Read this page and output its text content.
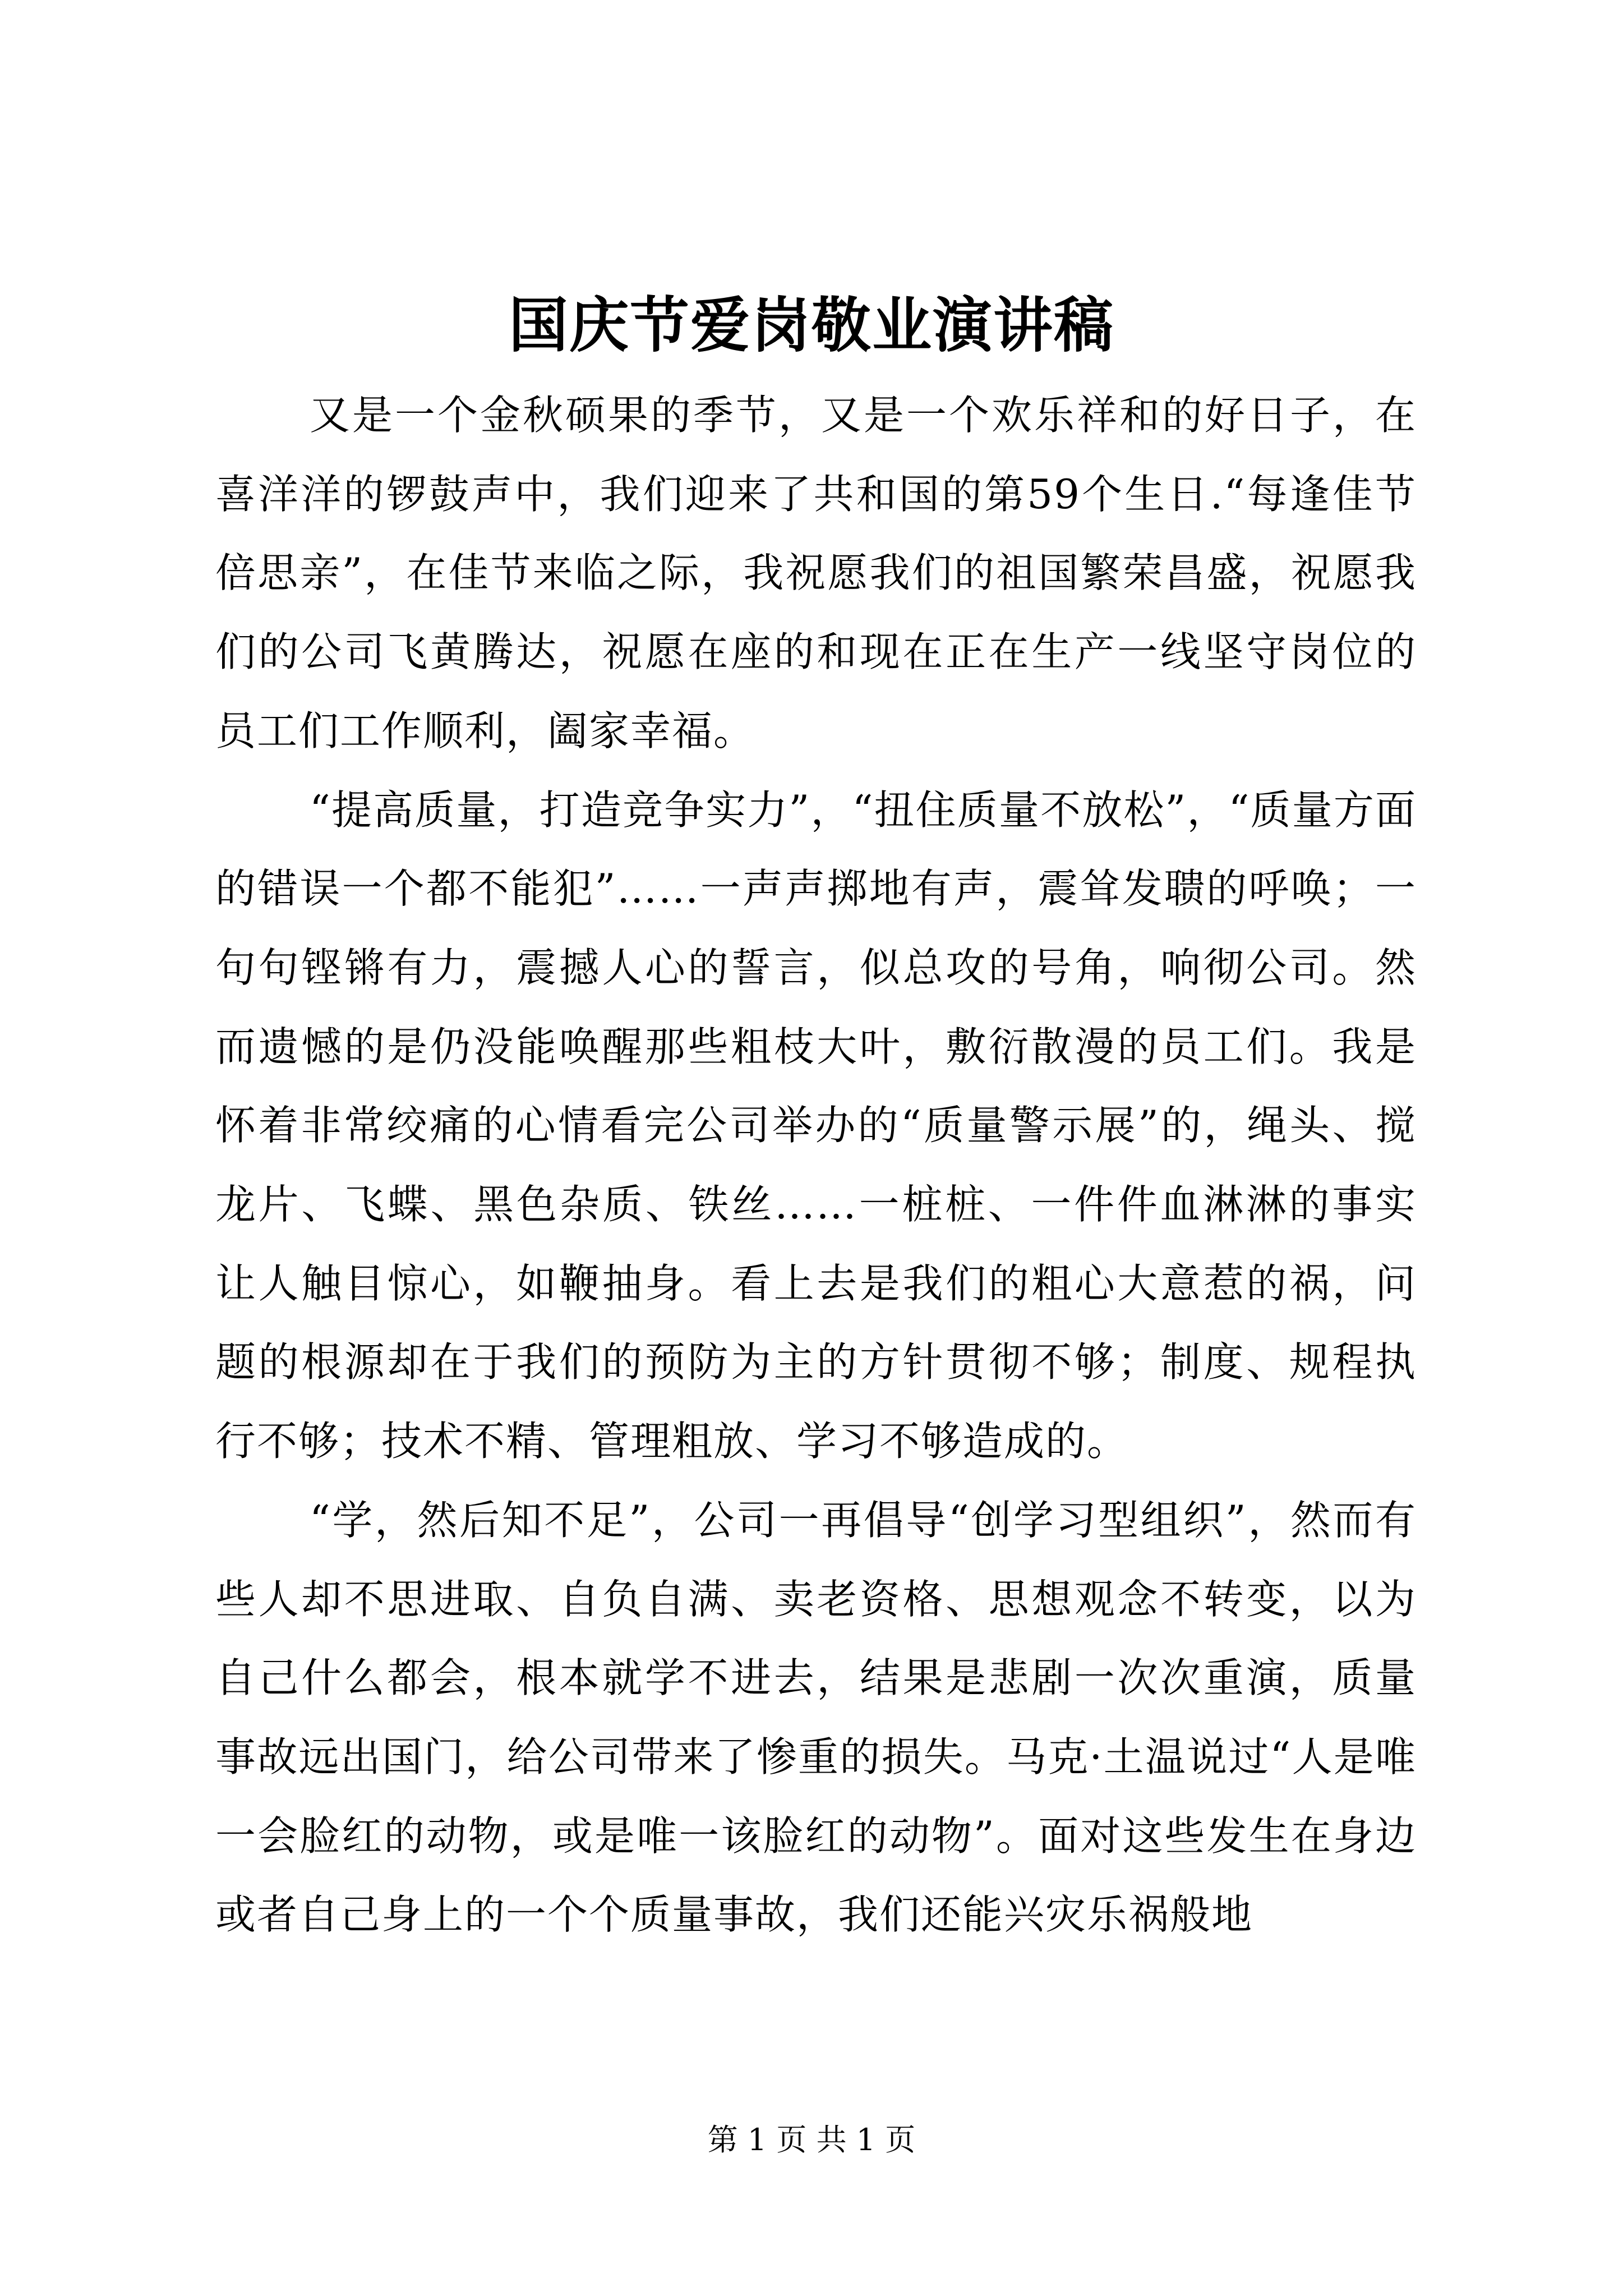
国庆节爱岗敬业演讲稿

又是一个金秋硕果的季节，又是一个欢乐祥和的好日子，在喜洋洋的锣鼓声中，我们迎来了共和国的第59个生日.“每逢佳节倍思亲”，在佳节来临之际，我祝愿我们的祖国繁荣昌盛，祝愿我们的公司飞黄腾达，祝愿在座的和现在正在生产一线坚守岗位的员工们工作顺利，阖家幸福。

“提高质量，打造竞争实力”，“扭住质量不放松”，“质量方面的错误一个都不能犯”……一声声掷地有声，震耸发聩的呼唤；一句句铿锵有力，震撼人心的誓言，似总攻的号角，响彻公司。然而遗憾的是仍没能唤醒那些粗枝大叶，敷衍散漫的员工们。我是怀着非常绞痛的心情看完公司举办的“质量警示展”的，绳头、搅龙片、飞蝶、黑色杂质、铁丝……一桩桩、一件件血淋淋的事实让人触目惊心，如鞭抽身。看上去是我们的粗心大意惹的祸，问题的根源却在于我们的预防为主的方针贯彻不够；制度、规程执行不够；技术不精、管理粗放、学习不够造成的。

“学，然后知不足”，公司一再倡导“创学习型组织”，然而有些人却不思进取、自负自满、卖老资格、思想观念不转变，以为自己什么都会，根本就学不进去，结果是悲剧一次次重演，质量事故远出国门，给公司带来了惨重的损失。马克·土温说过“人是唯一会脸红的动物，或是唯一该脸红的动物”。面对这些发生在身边或者自己身上的一个个质量事故，我们还能兴灾乐祸般地

第 1 页 共 1 页
